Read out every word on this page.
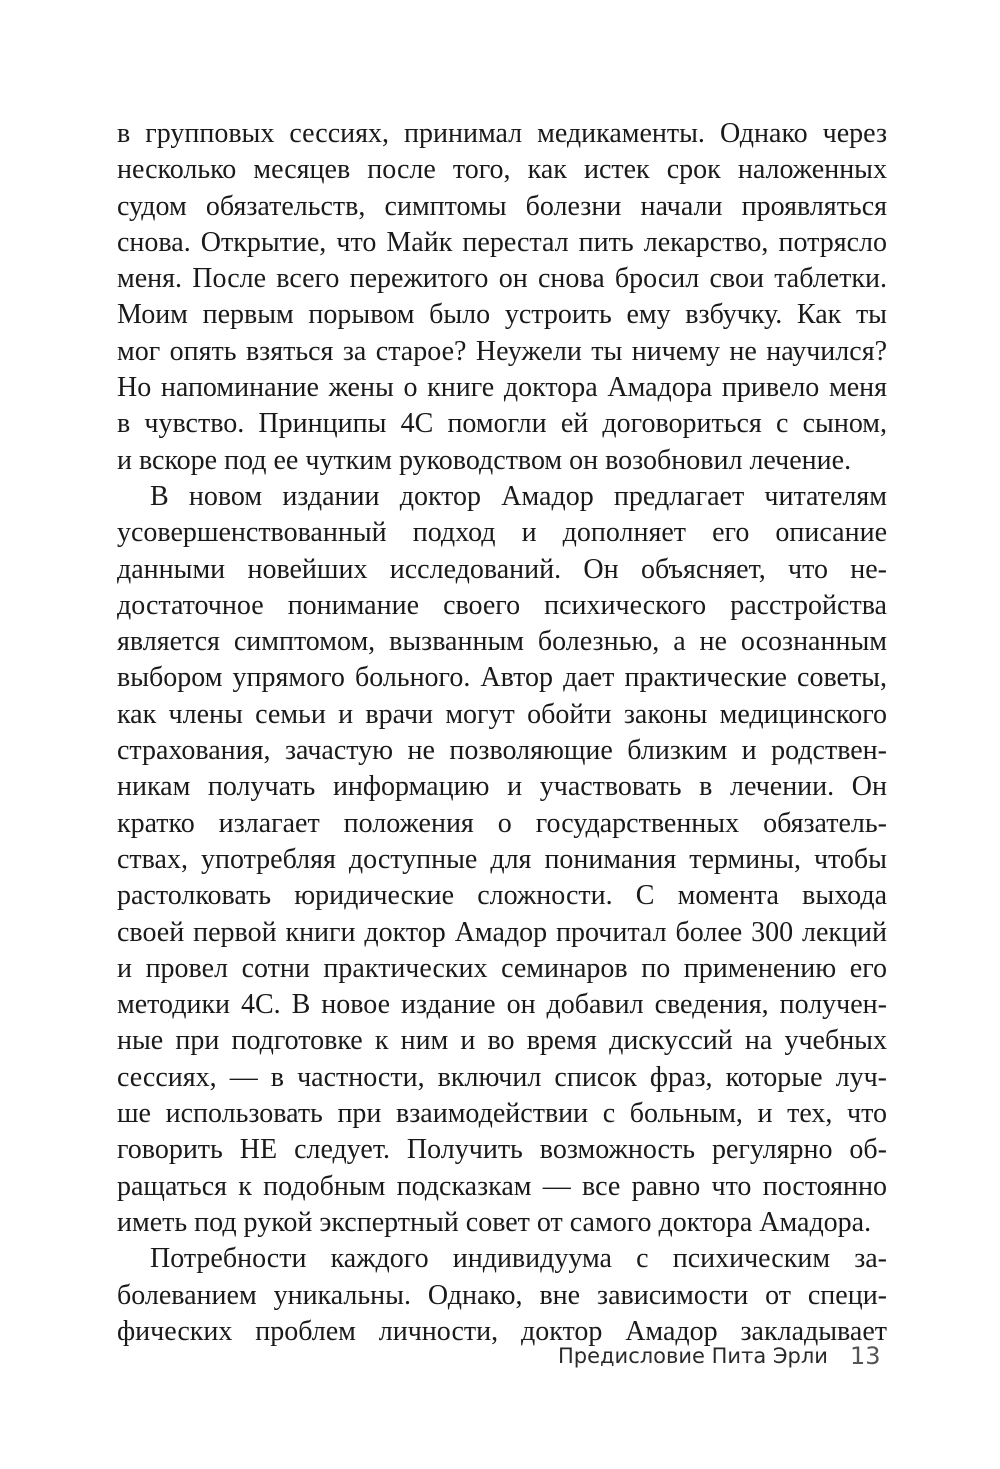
в групповых сессиях, принимал медикаменты. Однако через
несколько месяцев после того, как истек срок наложенных
судом обязательств, симптомы болезни начали проявляться
снова. Открытие, что Майк перестал пить лекарство, потрясло
меня. После всего пережитого он снова бросил свои таблетки.
Моим первым порывом было устроить ему взбучку. Как ты
мог опять взяться за старое? Неужели ты ничему не научился?
Но напоминание жены о книге доктора Амадора привело меня
в чувство. Принципы 4С помогли ей договориться с сыном,
и вскоре под ее чутким руководством он возобновил лечение.
В новом издании доктор Амадор предлагает читателям
усовершенствованный подход и дополняет его описание
данными новейших исследований. Он объясняет, что не-
достаточное понимание своего психического расстройства
является симптомом, вызванным болезнью, а не осознанным
выбором упрямого больного. Автор дает практические советы,
как члены семьи и врачи могут обойти законы медицинского
страхования, зачастую не позволяющие близким и родствен-
никам получать информацию и участвовать в лечении. Он
кратко излагает положения о государственных обязатель-
ствах, употребляя доступные для понимания термины, чтобы
растолковать юридические сложности. С момента выхода
своей первой книги доктор Амадор прочитал более 300 лекций
и провел сотни практических семинаров по применению его
методики 4С. В новое издание он добавил сведения, получен-
ные при подготовке к ним и во время дискуссий на учебных
сессиях, — в частности, включил список фраз, которые луч-
ше использовать при взаимодействии с больным, и тех, что
говорить НЕ следует. Получить возможность регулярно об-
ращаться к подобным подсказкам — все равно что постоянно
иметь под рукой экспертный совет от самого доктора Амадора.
Потребности каждого индивидуума с психическим за-
болеванием уникальны. Однако, вне зависимости от специ-
фических проблем личности, доктор Амадор закладывает
Предисловие Пита Эрли 13
